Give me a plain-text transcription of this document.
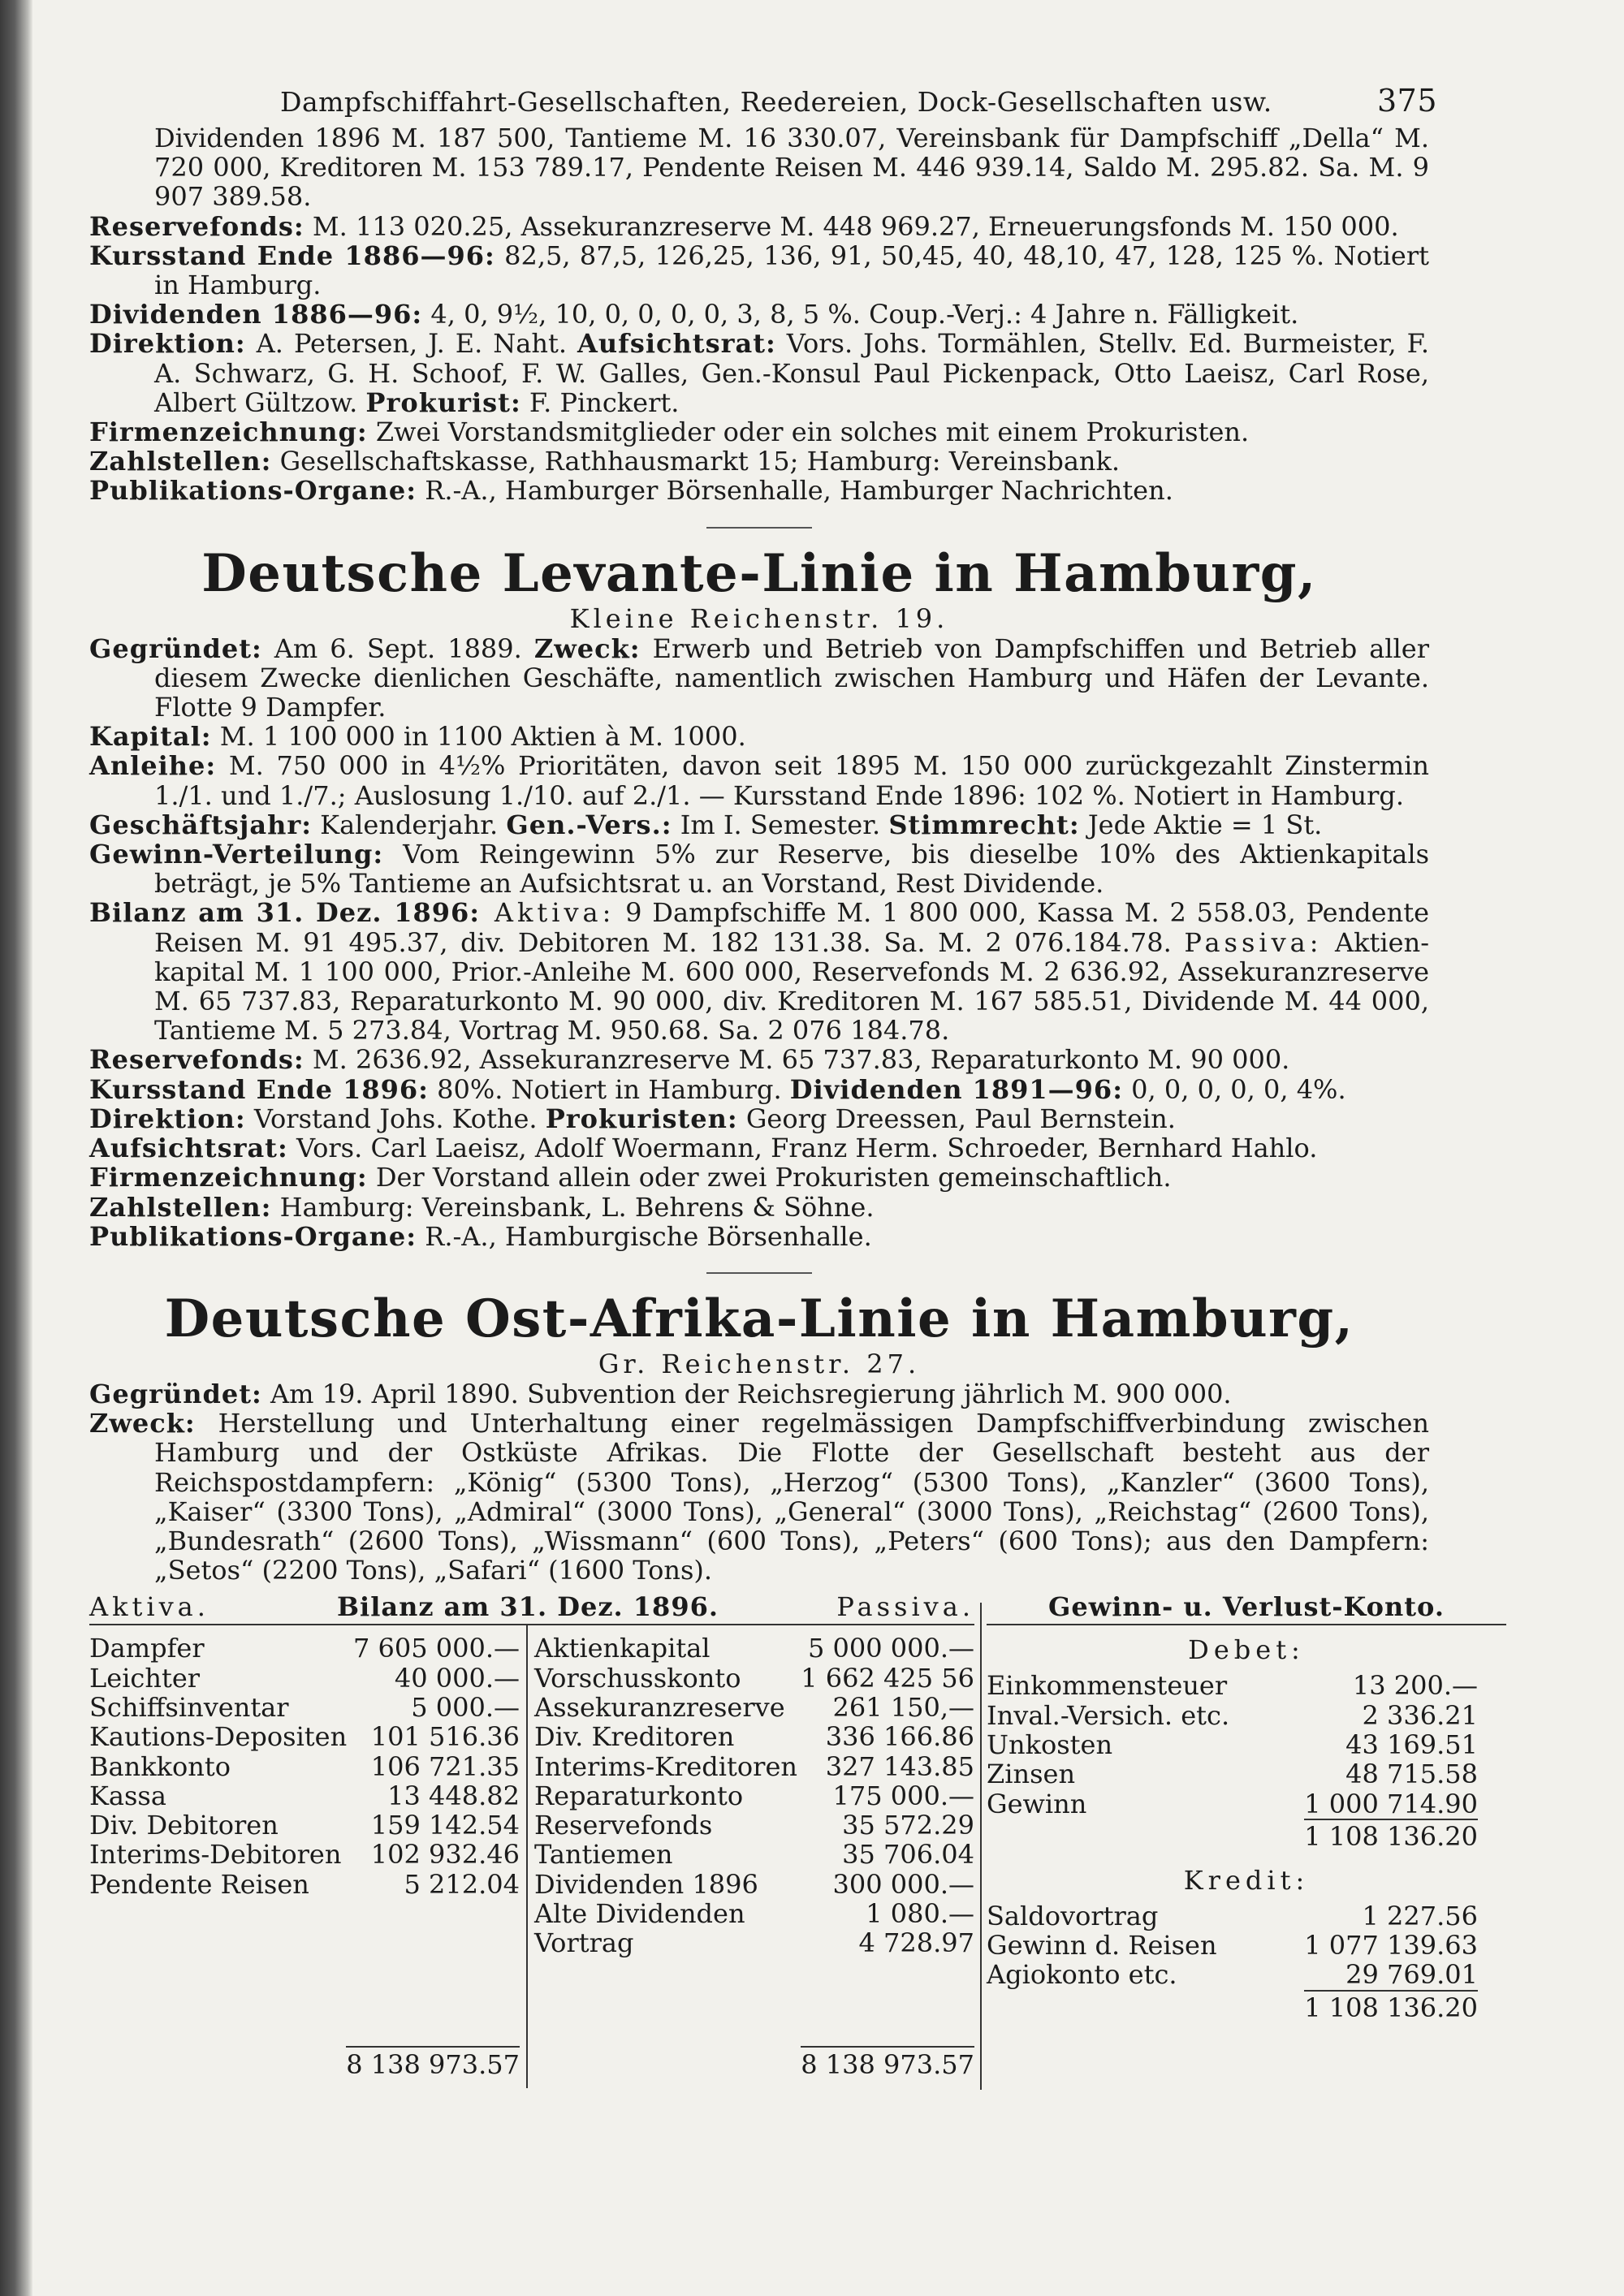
Dampfschiffahrt-Gesellschaften, Reedereien, Dock-Gesellschaften usw.	375

Dividenden 1896 M. 187 500, Tantieme M. 16 330.07, Vereinsbank für Dampfschiff „Della“ M. 720 000, Kreditoren M. 153 789.17, Pendente Reisen M. 446 939.14, Saldo M. 295.82. Sa. M. 9 907 389.58.

Reservefonds: M. 113 020.25, Assekuranzreserve M. 448 969.27, Erneuerungsfonds M. 150 000.

Kursstand Ende 1886—96: 82,5, 87,5, 126,25, 136, 91, 50,45, 40, 48,10, 47, 128, 125 %. Notiert in Hamburg.

Dividenden 1886—96: 4, 0, 9½, 10, 0, 0, 0, 0, 3, 8, 5 %. Coup.-Verj.: 4 Jahre n. Fälligkeit.

Direktion: A. Petersen, J. E. Naht. Aufsichtsrat: Vors. Johs. Tormählen, Stellv. Ed. Burmeister, F. A. Schwarz, G. H. Schoof, F. W. Galles, Gen.-Konsul Paul Pickenpack, Otto Laeisz, Carl Rose, Albert Gültzow. Prokurist: F. Pinckert.

Firmenzeichnung: Zwei Vorstandsmitglieder oder ein solches mit einem Prokuristen.

Zahlstellen: Gesellschaftskasse, Rathhausmarkt 15; Hamburg: Vereinsbank.

Publikations-Organe: R.-A., Hamburger Börsenhalle, Hamburger Nachrichten.

Deutsche Levante-Linie in Hamburg,
Kleine Reichenstr. 19.

Gegründet: Am 6. Sept. 1889. Zweck: Erwerb und Betrieb von Dampfschiffen und Betrieb aller diesem Zwecke dienlichen Geschäfte, namentlich zwischen Hamburg und Häfen der Levante. Flotte 9 Dampfer.

Kapital: M. 1 100 000 in 1100 Aktien à M. 1000.

Anleihe: M. 750 000 in 4½% Prioritäten, davon seit 1895 M. 150 000 zurückgezahlt Zinstermin 1./1. und 1./7.; Auslosung 1./10. auf 2./1. — Kursstand Ende 1896: 102 %. Notiert in Hamburg.

Geschäftsjahr: Kalenderjahr. Gen.-Vers.: Im I. Semester. Stimmrecht: Jede Aktie = 1 St.

Gewinn-Verteilung: Vom Reingewinn 5% zur Reserve, bis dieselbe 10% des Aktienkapitals beträgt, je 5% Tantieme an Aufsichtsrat u. an Vorstand, Rest Dividende.

Bilanz am 31. Dez. 1896: Aktiva: 9 Dampfschiffe M. 1 800 000, Kassa M. 2 558.03, Pendente Reisen M. 91 495.37, div. Debitoren M. 182 131.38. Sa. M. 2 076.184.78. Passiva: Aktien-kapital M. 1 100 000, Prior.-Anleihe M. 600 000, Reservefonds M. 2 636.92, Assekuranzreserve M. 65 737.83, Reparaturkonto M. 90 000, div. Kreditoren M. 167 585.51, Dividende M. 44 000, Tantieme M. 5 273.84, Vortrag M. 950.68. Sa. 2 076 184.78.

Reservefonds: M. 2636.92, Assekuranzreserve M. 65 737.83, Reparaturkonto M. 90 000.

Kursstand Ende 1896: 80%. Notiert in Hamburg. Dividenden 1891—96: 0, 0, 0, 0, 0, 4%.

Direktion: Vorstand Johs. Kothe. Prokuristen: Georg Dreessen, Paul Bernstein.

Aufsichtsrat: Vors. Carl Laeisz, Adolf Woermann, Franz Herm. Schroeder, Bernhard Hahlo.

Firmenzeichnung: Der Vorstand allein oder zwei Prokuristen gemeinschaftlich.

Zahlstellen: Hamburg: Vereinsbank, L. Behrens & Söhne.

Publikations-Organe: R.-A., Hamburgische Börsenhalle.

Deutsche Ost-Afrika-Linie in Hamburg,
Gr. Reichenstr. 27.

Gegründet: Am 19. April 1890. Subvention der Reichsregierung jährlich M. 900 000.

Zweck: Herstellung und Unterhaltung einer regelmässigen Dampfschiffverbindung zwischen Hamburg und der Ostküste Afrikas. Die Flotte der Gesellschaft besteht aus der Reichspostdampfern: „König“ (5300 Tons), „Herzog“ (5300 Tons), „Kanzler“ (3600 Tons), „Kaiser“ (3300 Tons), „Admiral“ (3000 Tons), „General“ (3000 Tons), „Reichstag“ (2600 Tons), „Bundesrath“ (2600 Tons), „Wissmann“ (600 Tons), „Peters“ (600 Tons); aus den Dampfern: „Setos“ (2200 Tons), „Safari“ (1600 Tons).

Aktiva.	Bilanz am 31. Dez. 1896.	Passiva.
Dampfer	7 605 000.—
Leichter	40 000.—
Schiffsinventar	5 000.—
Kautions-Depositen 101 516.36
Bankkonto	106 721.35
Kassa	13 448.82
Div. Debitoren	159 142.54
Interims-Debitoren 102 932.46
Pendente Reisen	5 212.04
Aktienkapital	5 000 000.—
Vorschusskonto 1 662 425 56
Assekuranzreserve 261 150,—
Div. Kreditoren	336 166.86
Interims-Kreditoren 327 143.85
Reparaturkonto	175 000.—
Reservefonds	35 572.29
Tantiemen	35 706.04
Dividenden 1896	300 000.—
Alte Dividenden	1 080.—
Vortrag	4 728.97
8 138 973.57	8 138 973.57
Gewinn- u. Verlust-Konto.
Debet:
Einkommensteuer	13 200.—
Inval.-Versich. etc.	2 336.21
Unkosten	43 169.51
Zinsen	48 715.58
Gewinn	1 000 714.90
1 108 136.20
Kredit:
Saldovortrag	1 227.56
Gewinn d. Reisen	1 077 139.63
Agiokonto etc.	29 769.01
1 108 136.20
